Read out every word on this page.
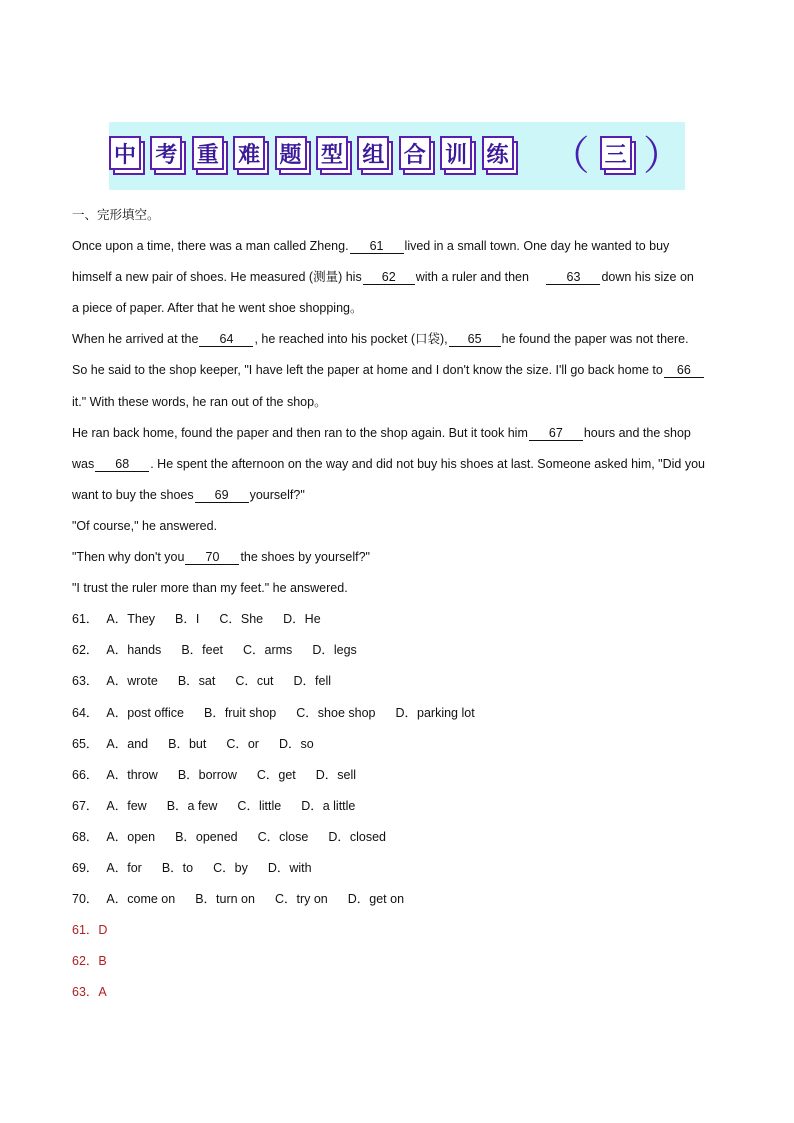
中 考 重 难 题 型 组 合 训 练 （ 三 ）
一、完形填空。
Once upon a time, there was a man called Zheng. 61 lived in a small town. One day he wanted to buy
himself a new pair of shoes. He measured (测量) his 62 with a ruler and then	63 down his size on
a piece of paper. After that he went shoe shopping。
When he arrived at the 64 , he reached into his pocket (口袋), 65 he found the paper was not there.
So he said to the shop keeper, "I have left the paper at home and I don't know the size. I'll go back home to 66
it." With these words, he ran out of the shop。
He ran back home, found the paper and then ran to the shop again. But it took him 67 hours and the shop
was 68 . He spent the afternoon on the way and did not buy his shoes at last. Someone asked him, "Did you
want to buy the shoes 69 yourself?"
"Of course," he answered.
"Then why don't you 70 the shoes by yourself?"
"I trust the ruler more than my feet." he answered.
61． A．They B．I C．She D．He
62． A．hands B．feet C．arms D．legs
63． A．wrote B．sat C．cut D．fell
64． A．post office B．fruit shop C．shoe shop D．parking lot
65． A．and B．but C．or D．so
66． A．throw B．borrow C．get D．sell
67． A．few B．a few C．little D．a little
68． A．open B．opened C．close D．closed
69． A．for B．to C．by D．with
70． A．come on B．turn on C．try on D．get on
61．D
62．B
63．A
